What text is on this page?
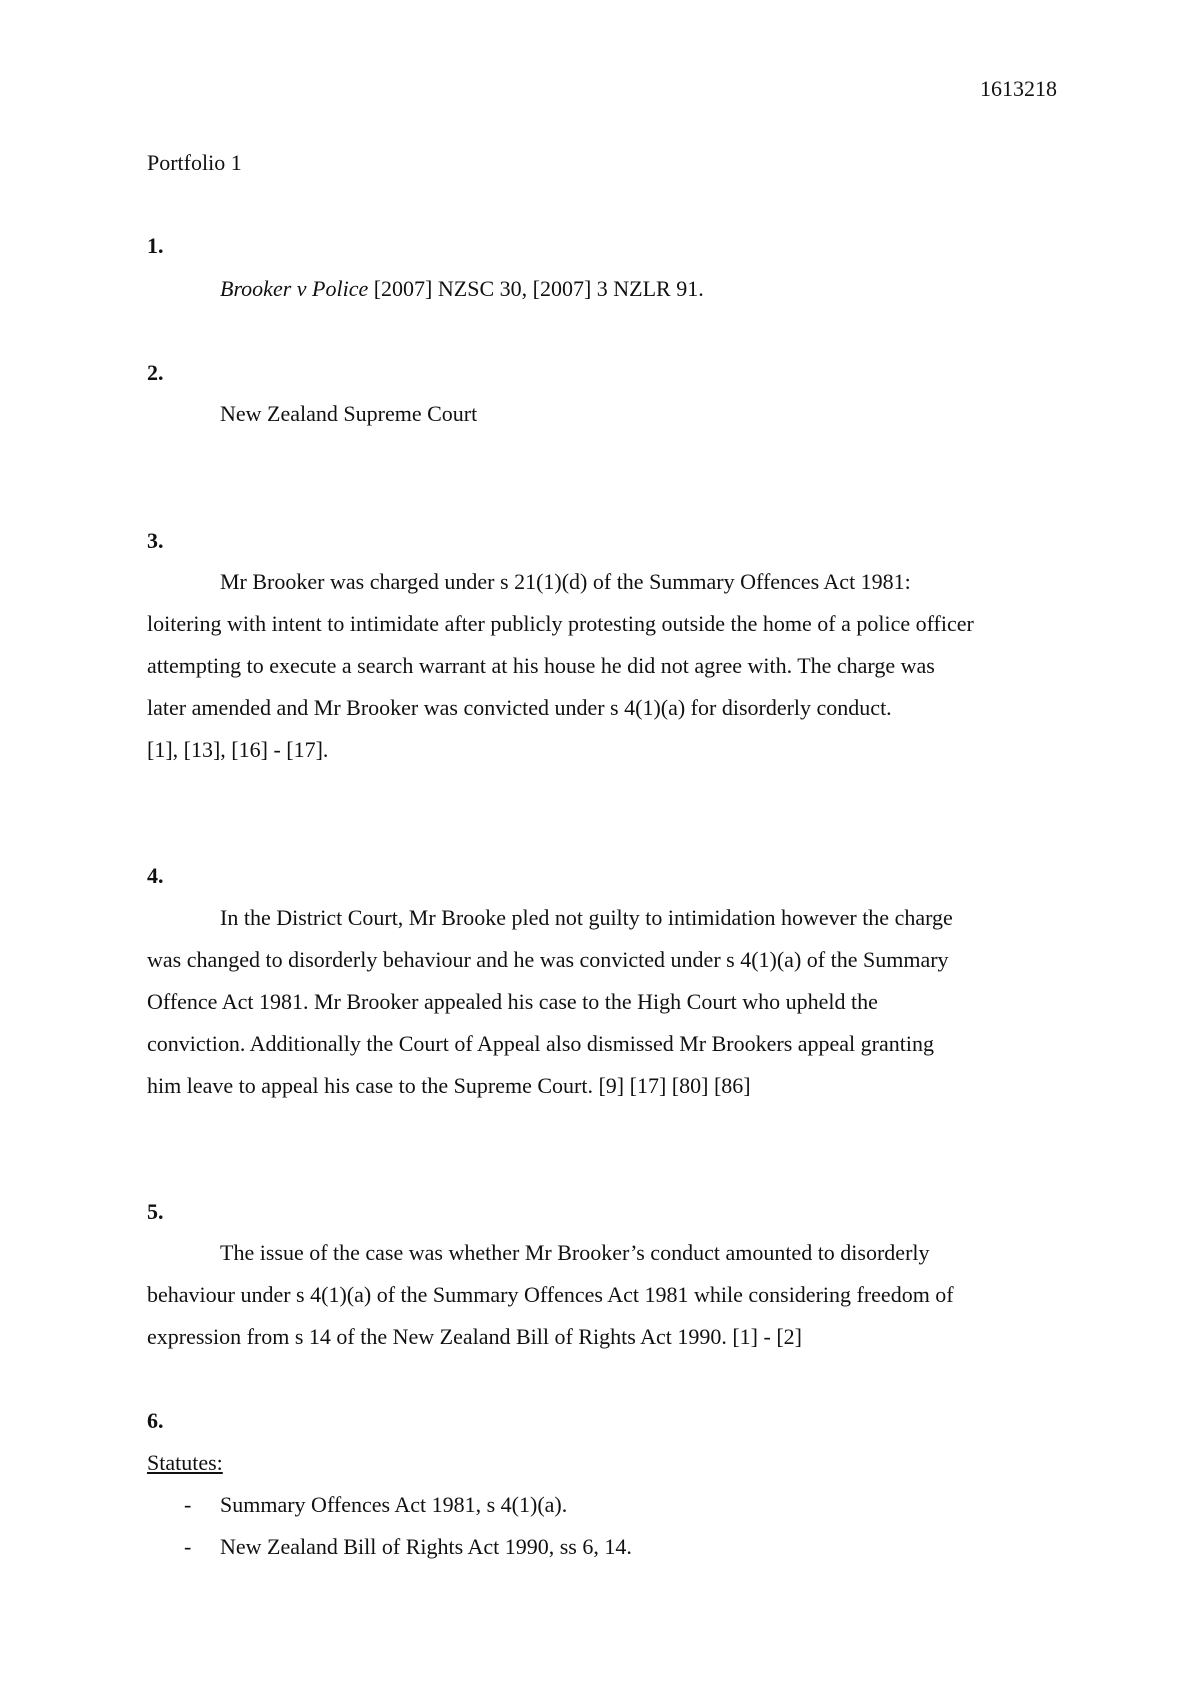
1613218
Portfolio 1
1.
Brooker v Police [2007] NZSC 30, [2007] 3 NZLR 91.
2.
New Zealand Supreme Court
3.
Mr Brooker was charged under s 21(1)(d) of the Summary Offences Act 1981:
loitering with intent to intimidate after publicly protesting outside the home of a police officer
attempting to execute a search warrant at his house he did not agree with. The charge was
later amended and Mr Brooker was convicted under s 4(1)(a) for disorderly conduct.
[1], [13], [16] - [17].
4.
In the District Court, Mr Brooke pled not guilty to intimidation however the charge
was changed to disorderly behaviour and he was convicted under s 4(1)(a) of the Summary
Offence Act 1981. Mr Brooker appealed his case to the High Court who upheld the
conviction. Additionally the Court of Appeal also dismissed Mr Brookers appeal granting
him leave to appeal his case to the Supreme Court. [9] [17] [80] [86]
5.
The issue of the case was whether Mr Brooker’s conduct amounted to disorderly
behaviour under s 4(1)(a) of the Summary Offences Act 1981 while considering freedom of
expression from s 14 of the New Zealand Bill of Rights Act 1990. [1] - [2]
6.
Statutes:
- Summary Offences Act 1981, s 4(1)(a).
- New Zealand Bill of Rights Act 1990, ss 6, 14.
